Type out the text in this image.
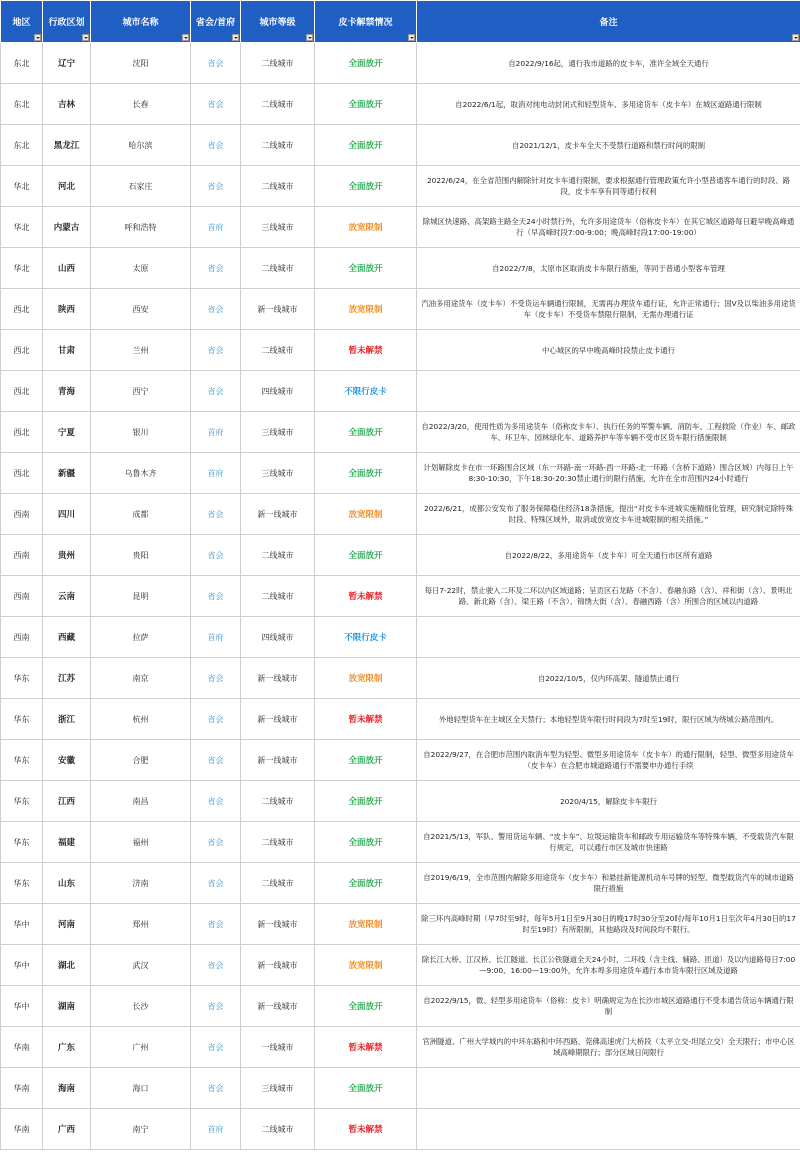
地区	行政区划	城市名称	省会/首府	城市等级	皮卡解禁情况	备注

东北	辽宁	沈阳	省会	二线城市	全面放开	自2022/9/16起，通行我市道路的皮卡车，准许全域全天通行
东北	吉林	长春	省会	二线城市	全面放开	自2022/6/1起，取消对纯电动封闭式和轻型货车、多用途货车（皮卡车）在城区道路通行限制
东北	黑龙江	哈尔滨	省会	二线城市	全面放开	自2021/12/1，皮卡车全天不受禁行道路和禁行时间的限制
华北	河北	石家庄	省会	二线城市	全面放开	2022/6/24，在全省范围内解除针对皮卡车通行限制，要求根据通行管理政策允许小型普通客车通行的时段、路段，皮卡车享有同等通行权利
华北	内蒙古	呼和浩特	首府	三线城市	放宽限制	除城区快速路、高架路主路全天24小时禁行外，允许多用途货车（俗称皮卡车）在其它城区道路每日避早晚高峰通行（早高峰时段7:00-9:00；晚高峰时段17:00-19:00）
华北	山西	太原	省会	二线城市	全面放开	自2022/7/8，太原市区取消皮卡车限行措施，等同于普通小型客车管理
西北	陕西	西安	省会	新一线城市	放宽限制	汽油多用途货车（皮卡车）不受货运车辆通行限制，无需再办理货车通行证，允许正常通行；国V及以柴油多用途货车（皮卡车）不受货车禁限行限制，无需办理通行证
西北	甘肃	兰州	省会	二线城市	暂未解禁	中心城区的早中晚高峰时段禁止皮卡通行
西北	青海	西宁	省会	四线城市	不限行皮卡	
西北	宁夏	银川	首府	三线城市	全面放开	自2022/3/20，使用性质为多用途货车（俗称皮卡车）、执行任务的军警车辆、消防车、工程救险（作业）车、邮政车、环卫车、园林绿化车、道路养护车等车辆不受市区货车限行措施限制
西北	新疆	乌鲁木齐	首府	三线城市	全面放开	计划解除皮卡在市一环路围合区域（东一环路-南一环路-西一环路-北一环路（含桥下道路）围合区域）内每日上午8:30-10:30，下午18:30-20:30禁止通行的限行措施，允许在全市范围内24小时通行
西南	四川	成都	省会	新一线城市	放宽限制	2022/6/21，成都公安发布了服务保障稳住经济18条措施，提出“对皮卡车进城实施精细化管理，研究制定除特殊时段、特殊区域外，取消或放宽皮卡车进城限制的相关措施。”
西南	贵州	贵阳	省会	二线城市	全面放开	自2022/8/22，多用途货车（皮卡车）可全天通行市区所有道路
西南	云南	昆明	省会	二线城市	暂未解禁	每日7-22时，禁止驶入二环及二环以内区域道路；呈贡区石龙路（不含）、春融东路（含）、祥和街（含）、景明北路、新北路（含）、梁王路（不含）、锦绣大街（含）、春融西路（含）所围合的区域以内道路
西南	西藏	拉萨	首府	四线城市	不限行皮卡	
华东	江苏	南京	省会	新一线城市	放宽限制	自2022/10/5，仅内环高架、隧道禁止通行
华东	浙江	杭州	省会	新一线城市	暂未解禁	外地轻型货车在主城区全天禁行；本地轻型货车限行时间段为7时至19时，限行区域为绕城公路范围内。
华东	安徽	合肥	省会	新一线城市	全面放开	自2022/9/27，在合肥市范围内取消车型为轻型、微型多用途货车（皮卡车）的通行限制，轻型、微型多用途货车（皮卡车）在合肥市城道路通行不需要申办通行手续
华东	江西	南昌	省会	二线城市	全面放开	2020/4/15，解除皮卡车限行
华东	福建	福州	省会	二线城市	全面放开	自2021/5/13，军队、警用货运车辆、“皮卡车”、垃圾运输货车和邮政专用运输货车等特殊车辆，不受载货汽车限行规定，可以通行市区及城市快速路
华东	山东	济南	省会	二线城市	全面放开	自2019/6/19，全市范围内解除多用途货车（皮卡车）和悬挂新能源机动车号牌的轻型、微型载货汽车的城市道路限行措施
华中	河南	郑州	省会	新一线城市	放宽限制	除三环内高峰时期（早7时至9时，每年5月1日至9月30日的晚17时30分至20时/每年10月1日至次年4月30日的17时至19时）有所限制，其他路段及时间段均不限行。
华中	湖北	武汉	省会	新一线城市	放宽限制	除长江大桥、江汉桥、长江隧道、长江公铁隧道全天24小时，二环线（含主线、辅路、匝道）及以内道路每日7:00—9:00、16:00—19:00外，允许本埠多用途货车通行本市货车限行区域及道路
华中	湖南	长沙	省会	新一线城市	全面放开	自2022/9/15，微、轻型多用途货车（俗称：皮卡）明确规定为在长沙市城区道路通行不受本通告货运车辆通行限制
华南	广东	广州	省会	一线城市	暂未解禁	官洲隧道、广州大学城内的中环东路和中环西路、莞佛高速虎门大桥段（太平立交-坦尾立交）全天限行；市中心区域高峰期限行；部分区域日间限行
华南	海南	海口	省会	三线城市	全面放开	
华南	广西	南宁	首府	二线城市	暂未解禁	
